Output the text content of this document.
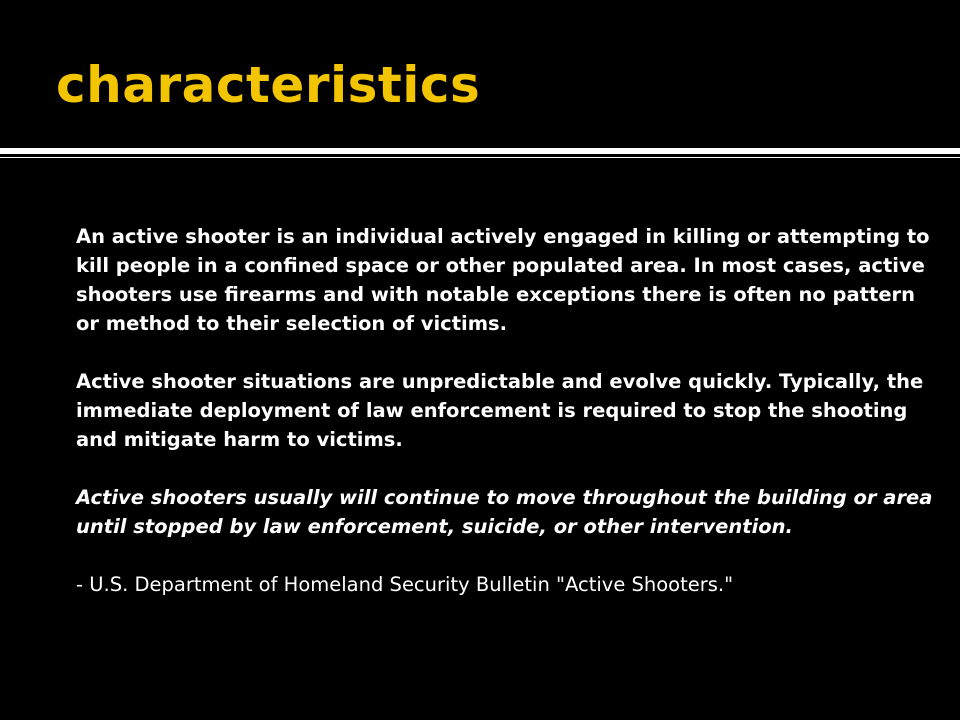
characteristics

An active shooter is an individual actively engaged in killing or attempting to kill people in a confined space or other populated area. In most cases, active shooters use firearms and with notable exceptions there is often no pattern or method to their selection of victims.

Active shooter situations are unpredictable and evolve quickly. Typically, the immediate deployment of law enforcement is required to stop the shooting and mitigate harm to victims.

Active shooters usually will continue to move throughout the building or area until stopped by law enforcement, suicide, or other intervention.

- U.S. Department of Homeland Security Bulletin "Active Shooters."
